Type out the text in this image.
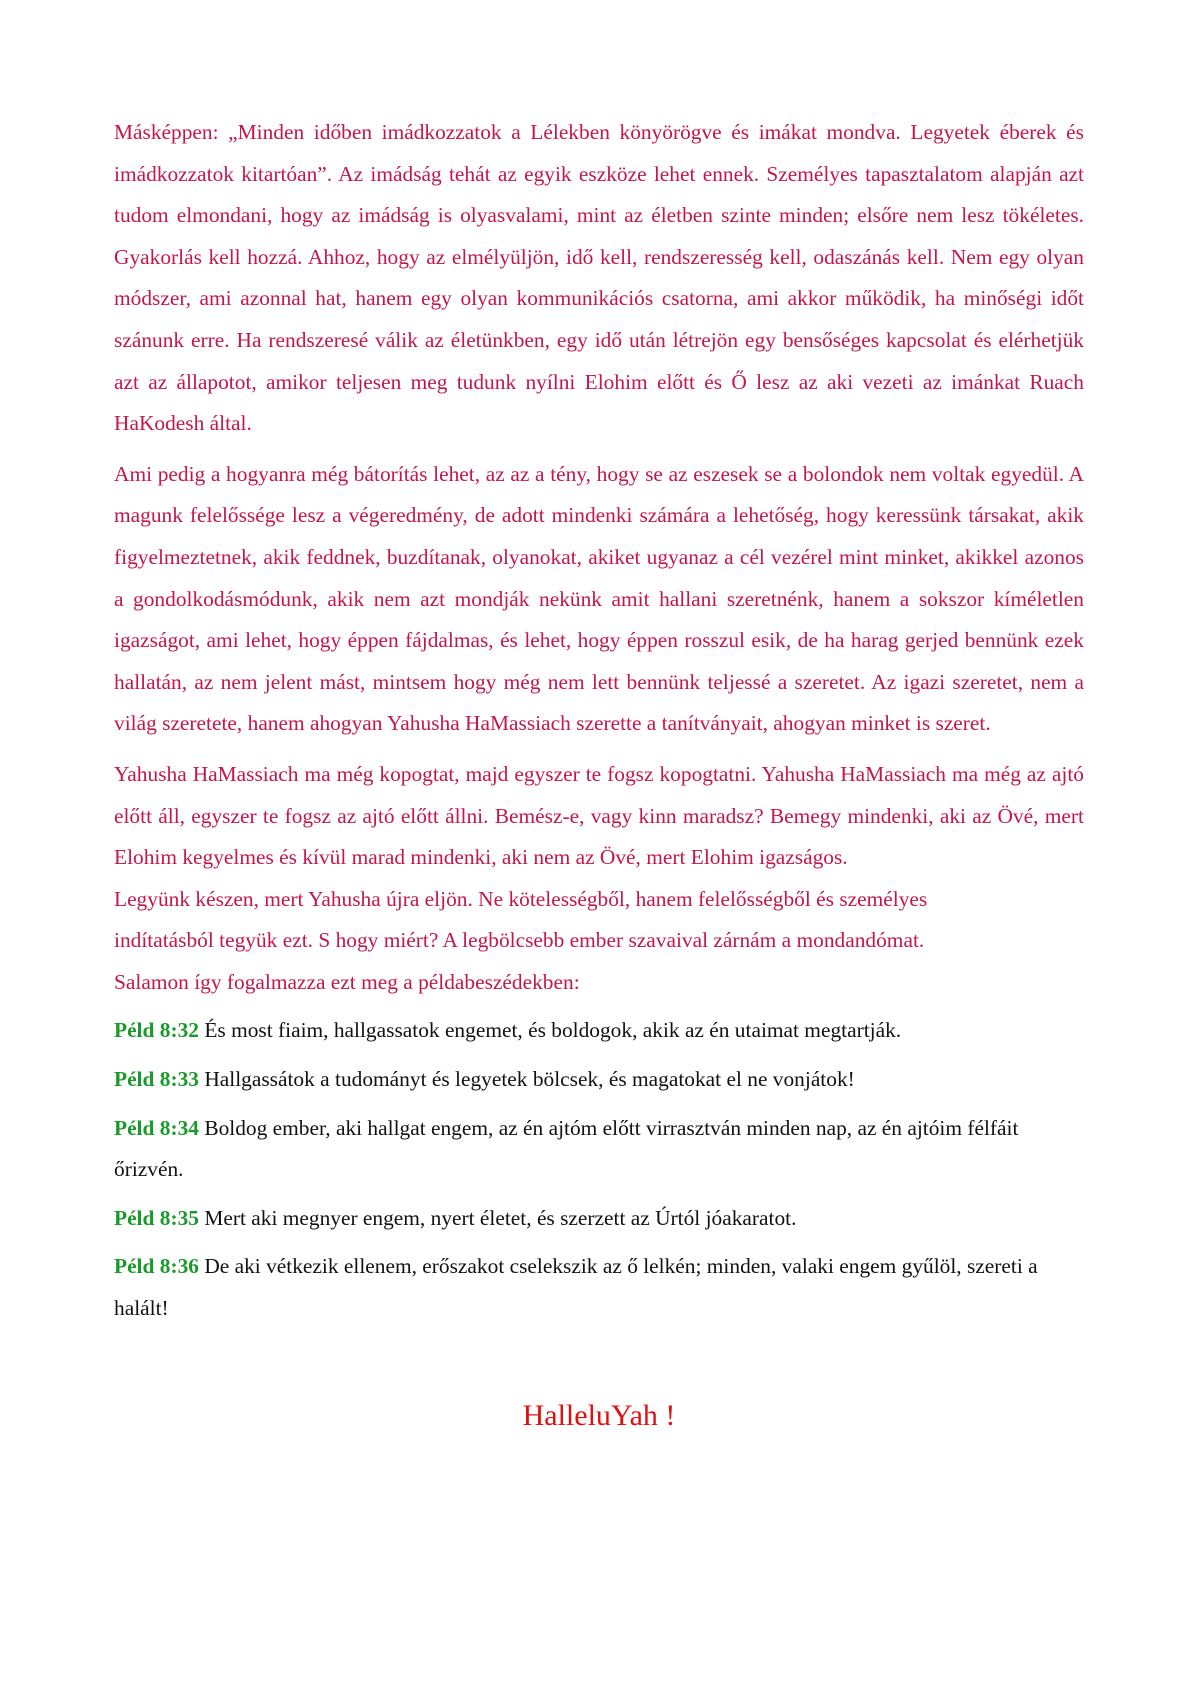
Másképpen: „Minden időben imádkozzatok a Lélekben könyörögve és imákat mondva. Legyetek éberek és imádkozzatok kitartóan”. Az imádság tehát az egyik eszköze lehet ennek. Személyes tapasztalatom alapján azt tudom elmondani, hogy az imádság is olyasvalami, mint az életben szinte minden; elsőre nem lesz tökéletes. Gyakorlás kell hozzá. Ahhoz, hogy az elmélyüljön, idő kell, rendszeresség kell, odaszánás kell. Nem egy olyan módszer, ami azonnal hat, hanem egy olyan kommunikációs csatorna, ami akkor működik, ha minőségi időt szánunk erre. Ha rendszeresé válik az életünkben, egy idő után létrejön egy bensőséges kapcsolat és elérhetjük azt az állapotot, amikor teljesen meg tudunk nyílni Elohim előtt és Ő lesz az aki vezeti az imánkat Ruach HaKodesh által.

Ami pedig a hogyanra még bátorítás lehet, az az a tény, hogy se az eszesek se a bolondok nem voltak egyedül. A magunk felelőssége lesz a végeredmény, de adott mindenki számára a lehetőség, hogy keressünk társakat, akik figyelmeztetnek, akik feddnek, buzdítanak, olyanokat, akiket ugyanaz a cél vezérel mint minket, akikkel azonos a gondolkodásmódunk, akik nem azt mondják nekünk amit hallani szeretnénk, hanem a sokszor kíméletlen igazságot, ami lehet, hogy éppen fájdalmas, és lehet, hogy éppen rosszul esik, de ha harag gerjed bennünk ezek hallatán, az nem jelent mást, mintsem hogy még nem lett bennünk teljessé a szeretet. Az igazi szeretet, nem a világ szeretete, hanem ahogyan Yahusha HaMassiach szerette a tanítványait, ahogyan minket is szeret.

Yahusha HaMassiach ma még kopogtat, majd egyszer te fogsz kopogtatni. Yahusha HaMassiach ma még az ajtó előtt áll, egyszer te fogsz az ajtó előtt állni. Bemész-e, vagy kinn maradsz? Bemegy mindenki, aki az Övé, mert Elohim kegyelmes és kívül marad mindenki, aki nem az Övé, mert Elohim igazságos.

Legyünk készen, mert Yahusha újra eljön. Ne kötelességből, hanem felelősségből és személyes
indítatásból tegyük ezt. S hogy miért? A legbölcsebb ember szavaival zárnám a mondandómat.
Salamon így fogalmazza ezt meg a példabeszédekben:

Péld 8:32 És most fiaim, hallgassatok engemet, és boldogok, akik az én utaimat megtartják.

Péld 8:33 Hallgassátok a tudományt és legyetek bölcsek, és magatokat el ne vonjátok!

Péld 8:34 Boldog ember, aki hallgat engem, az én ajtóm előtt virrasztván minden nap, az én ajtóim félfáit őrizvén.

Péld 8:35 Mert aki megnyer engem, nyert életet, és szerzett az Úrtól jóakaratot.

Péld 8:36 De aki vétkezik ellenem, erőszakot cselekszik az ő lelkén; minden, valaki engem gyűlöl, szereti a halált!

HalleluYah !
